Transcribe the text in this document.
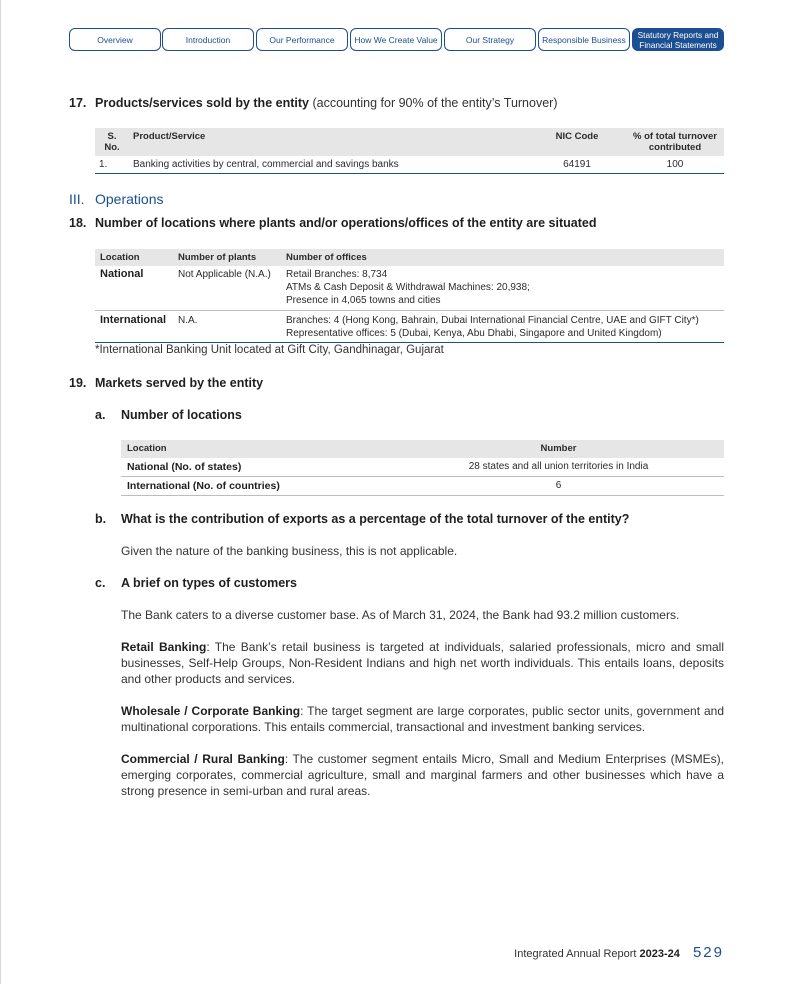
Overview	Introduction	Our Performance	How We Create Value	Our Strategy	Responsible Business	Statutory Reports and Financial Statements
17. Products/services sold by the entity (accounting for 90% of the entity’s Turnover)
S. No.	Product/Service	NIC Code	% of total turnover contributed
1.	Banking activities by central, commercial and savings banks	64191	100
III. Operations
18. Number of locations where plants and/or operations/offices of the entity are situated
Location	Number of plants	Number of offices
National	Not Applicable (N.A.)	Retail Branches: 8,734
ATMs & Cash Deposit & Withdrawal Machines: 20,938;
Presence in 4,065 towns and cities

International	N.A.	Branches: 4 (Hong Kong, Bahrain, Dubai International Financial Centre, UAE and GIFT City*)
Representative offices: 5 (Dubai, Kenya, Abu Dhabi, Singapore and United Kingdom)
*International Banking Unit located at Gift City, Gandhinagar, Gujarat
19. Markets served by the entity
a. Number of locations
Location	Number
National (No. of states)	28 states and all union territories in India
International (No. of countries)	6
b. What is the contribution of exports as a percentage of the total turnover of the entity?
Given the nature of the banking business, this is not applicable.
c. A brief on types of customers
The Bank caters to a diverse customer base. As of March 31, 2024, the Bank had 93.2 million customers.
Retail Banking: The Bank’s retail business is targeted at individuals, salaried professionals, micro and small businesses, Self-Help Groups, Non-Resident Indians and high net worth individuals. This entails loans, deposits and other products and services.
Wholesale / Corporate Banking: The target segment are large corporates, public sector units, government and multinational corporations. This entails commercial, transactional and investment banking services.
Commercial / Rural Banking: The customer segment entails Micro, Small and Medium Enterprises (MSMEs), emerging corporates, commercial agriculture, small and marginal farmers and other businesses which have a strong presence in semi-urban and rural areas.
Integrated Annual Report 2023-24 529
